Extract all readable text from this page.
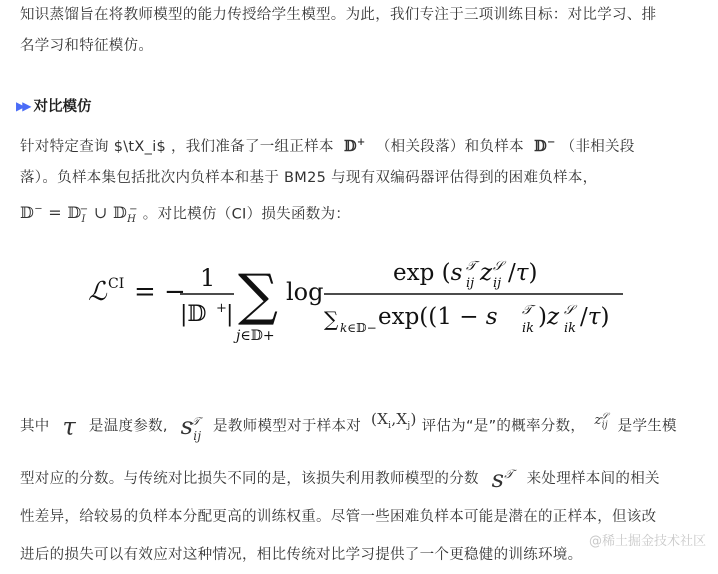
知识蒸馏旨在将教师模型的能力传授给学生模型。为此，我们专注于三项训练目标：对比学习、排
名学习和特征模仿。

▶▶ 对比模仿

针对特定查询 $\tX_i$ ，我们准备了一组正样本  𝔻+ （相关段落）和负样本  𝔻− （非相关段
落）。负样本集包括批次内负样本和基于 BM25 与现有双编码器评估得到的困难负样本，
𝔻− = 𝔻$_I$− ∪ 𝔻$_H$− 。对比模仿（CI）损失函数为：

ℒ CI = − 1
|𝔻 + | ∑
j∈𝔻+
log
exp (s 𝒯
ij z 𝒮
ij /τ)
∑ k∈𝔻− exp((1 − s 𝒯
ik )z 𝒮
ik /τ)

其中  τ  是温度参数,  $s_{ij}^𝒯$ 是教师模型对于样本对  $(X_i,X_j)$ 评估为“是”的概率分数，  $z_{ij}^𝒮$  是学生模
型对应的分数。与传统对比损失不同的是，该损失利用教师模型的分数  $s^𝒯$ 来处理样本间的相关
性差异，给较易的负样本分配更高的训练权重。尽管一些困难负样本可能是潜在的正样本，但该改
进后的损失可以有效应对这种情况，相比传统对比学习提供了一个更稳健的训练环境。

@稀土掘金技术社区
